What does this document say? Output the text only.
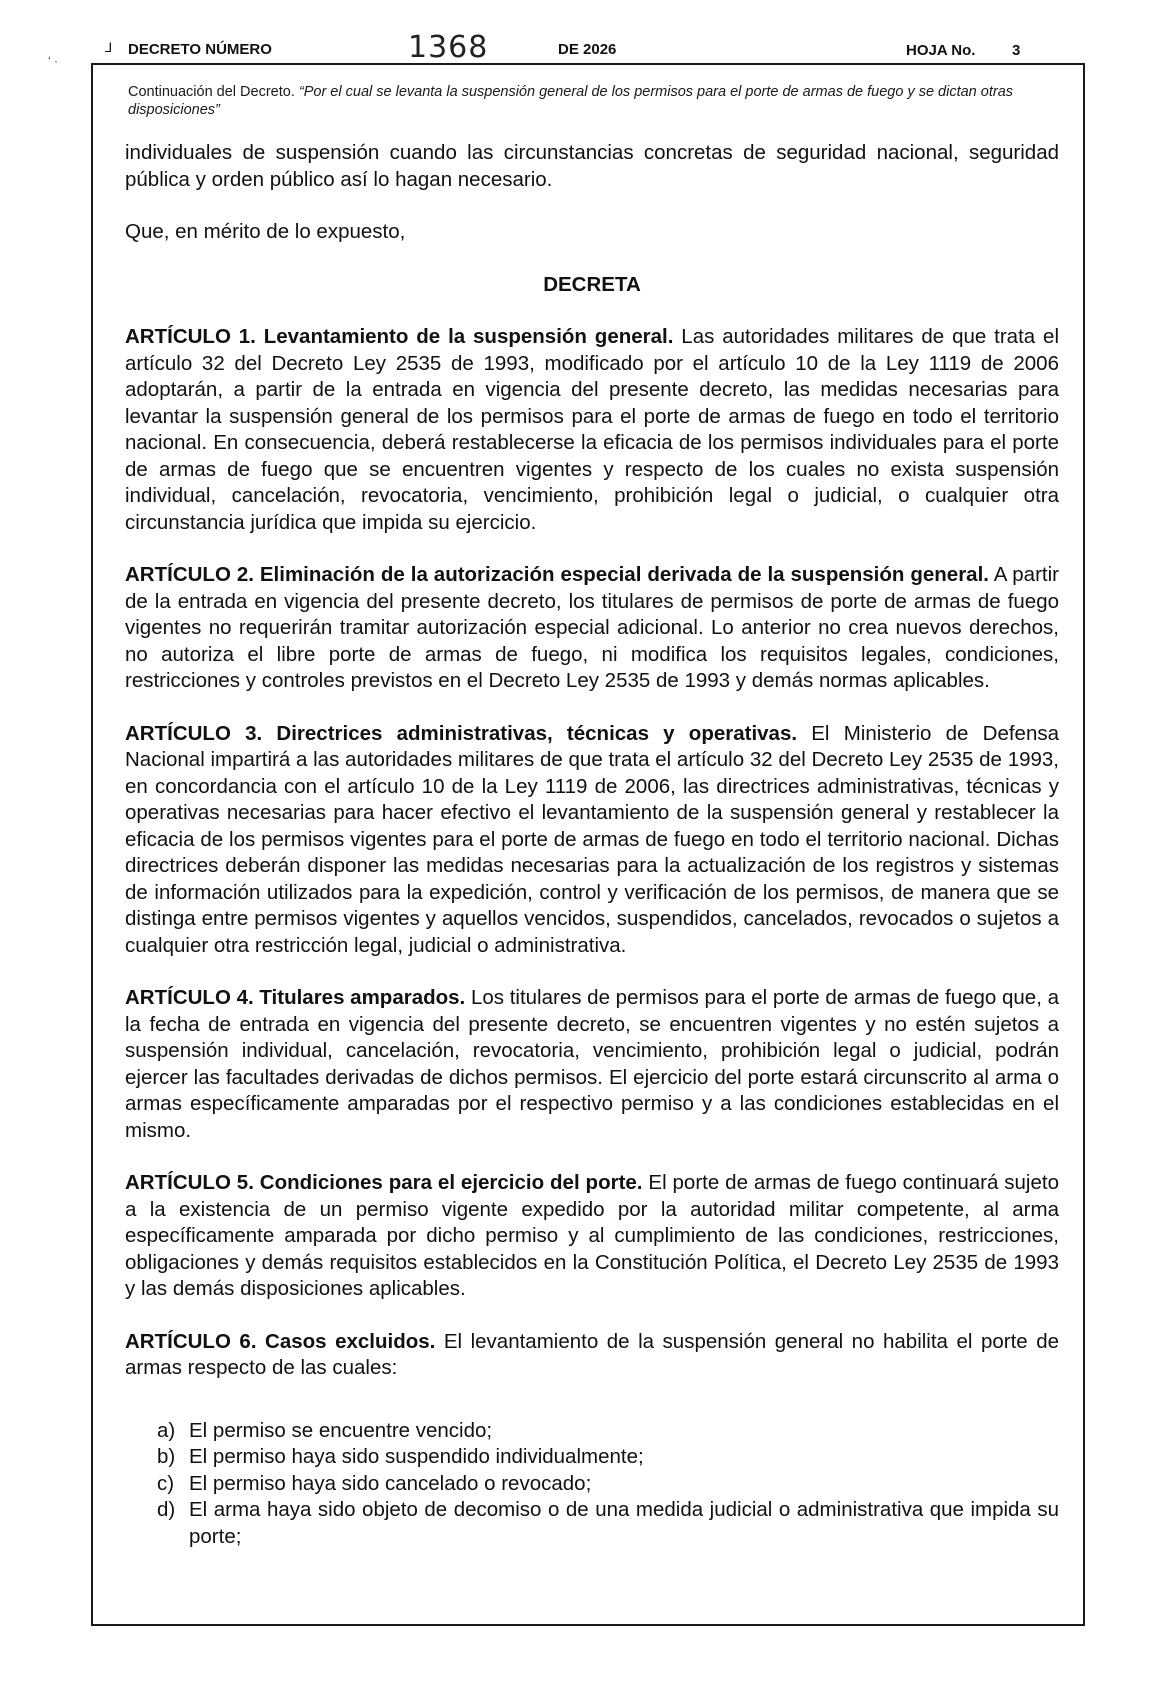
⅃ DECRETO NÚMERO	1368	DE 2026	HOJA No. 3
‘ ·
Continuación del Decreto. “Por el cual se levanta la suspensión general de los permisos para el porte de armas de fuego y se dictan otras disposiciones”

individuales de suspensión cuando las circunstancias concretas de seguridad nacional, seguridad pública y orden público así lo hagan necesario.

Que, en mérito de lo expuesto,

DECRETA

ARTÍCULO 1. Levantamiento de la suspensión general. Las autoridades militares de que trata el artículo 32 del Decreto Ley 2535 de 1993, modificado por el artículo 10 de la Ley 1119 de 2006 adoptarán, a partir de la entrada en vigencia del presente decreto, las medidas necesarias para levantar la suspensión general de los permisos para el porte de armas de fuego en todo el territorio nacional. En consecuencia, deberá restablecerse la eficacia de los permisos individuales para el porte de armas de fuego que se encuentren vigentes y respecto de los cuales no exista suspensión individual, cancelación, revocatoria, vencimiento, prohibición legal o judicial, o cualquier otra circunstancia jurídica que impida su ejercicio.

ARTÍCULO 2. Eliminación de la autorización especial derivada de la suspensión general. A partir de la entrada en vigencia del presente decreto, los titulares de permisos de porte de armas de fuego vigentes no requerirán tramitar autorización especial adicional. Lo anterior no crea nuevos derechos, no autoriza el libre porte de armas de fuego, ni modifica los requisitos legales, condiciones, restricciones y controles previstos en el Decreto Ley 2535 de 1993 y demás normas aplicables.

ARTÍCULO 3. Directrices administrativas, técnicas y operativas. El Ministerio de Defensa Nacional impartirá a las autoridades militares de que trata el artículo 32 del Decreto Ley 2535 de 1993, en concordancia con el artículo 10 de la Ley 1119 de 2006, las directrices administrativas, técnicas y operativas necesarias para hacer efectivo el levantamiento de la suspensión general y restablecer la eficacia de los permisos vigentes para el porte de armas de fuego en todo el territorio nacional. Dichas directrices deberán disponer las medidas necesarias para la actualización de los registros y sistemas de información utilizados para la expedición, control y verificación de los permisos, de manera que se distinga entre permisos vigentes y aquellos vencidos, suspendidos, cancelados, revocados o sujetos a cualquier otra restricción legal, judicial o administrativa.

ARTÍCULO 4. Titulares amparados. Los titulares de permisos para el porte de armas de fuego que, a la fecha de entrada en vigencia del presente decreto, se encuentren vigentes y no estén sujetos a suspensión individual, cancelación, revocatoria, vencimiento, prohibición legal o judicial, podrán ejercer las facultades derivadas de dichos permisos. El ejercicio del porte estará circunscrito al arma o armas específicamente amparadas por el respectivo permiso y a las condiciones establecidas en el mismo.

ARTÍCULO 5. Condiciones para el ejercicio del porte. El porte de armas de fuego continuará sujeto a la existencia de un permiso vigente expedido por la autoridad militar competente, al arma específicamente amparada por dicho permiso y al cumplimiento de las condiciones, restricciones, obligaciones y demás requisitos establecidos en la Constitución Política, el Decreto Ley 2535 de 1993 y las demás disposiciones aplicables.

ARTÍCULO 6. Casos excluidos. El levantamiento de la suspensión general no habilita el porte de armas respecto de las cuales:

a) El permiso se encuentre vencido;
b) El permiso haya sido suspendido individualmente;
c) El permiso haya sido cancelado o revocado;
d) El arma haya sido objeto de decomiso o de una medida judicial o administrativa que impida su porte;
